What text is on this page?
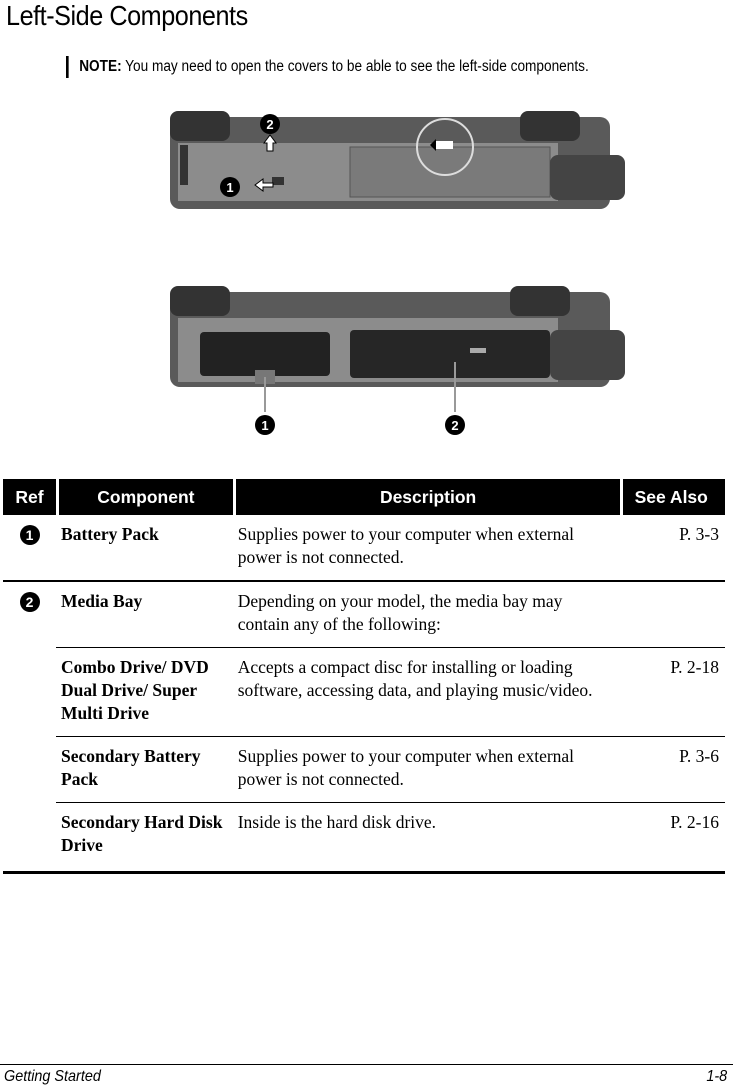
Left-Side Components
NOTE: You may need to open the covers to be able to see the left-side components.
1
2
1	2
Ref	Component	Description	See Also
1	Battery Pack	Supplies power to your computer when external power is not connected.	P. 3-3
2	Media Bay	Depending on your model, the media bay may contain any of the following:	
	Combo Drive/ DVD Dual Drive/ Super Multi Drive	Accepts a compact disc for installing or loading software, accessing data, and playing music/video.	P. 2-18
	Secondary Battery Pack	Supplies power to your computer when external power is not connected.	P. 3-6
	Secondary Hard Disk Drive	Inside is the hard disk drive.	P. 2-16
Getting Started	1-8
